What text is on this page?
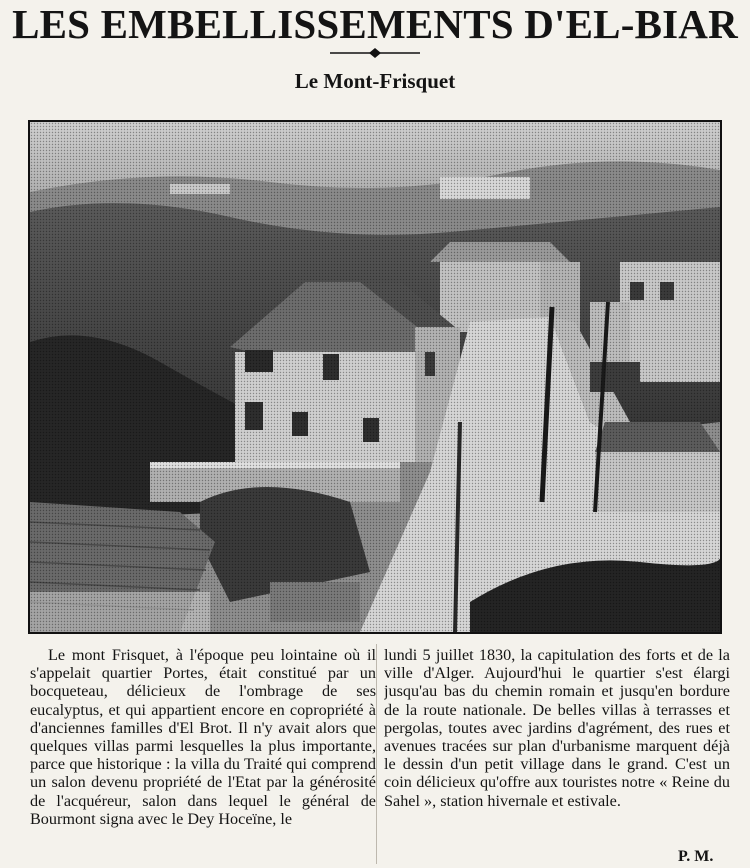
LES EMBELLISSEMENTS D'EL-BIAR
Le Mont-Frisquet

Le mont Frisquet, à l'époque peu lointaine où il s'appelait quartier Portes, était constitué par un bocqueteau, délicieux de l'ombrage de ses eucalyptus, et qui appartient encore en copropriété à d'anciennes familles d'El Brot. Il n'y avait alors que quelques villas parmi lesquelles la plus importante, parce que historique : la villa du Traité qui comprend un salon devenu propriété de l'Etat par la générosité de l'acquéreur, salon dans lequel le général de Bourmont signa avec le Dey Hoceïne, le

lundi 5 juillet 1830, la capitulation des forts et de la ville d'Alger. Aujourd'hui le quartier s'est élargi jusqu'au bas du chemin romain et jusqu'en bordure de la route nationale. De belles villas à terrasses et pergolas, toutes avec jardins d'agrément, des rues et avenues tracées sur plan d'urbanisme marquent déjà le dessin d'un petit village dans le grand. C'est un coin délicieux qu'offre aux touristes notre « Reine du Sahel », station hivernale et estivale.

P. M.
